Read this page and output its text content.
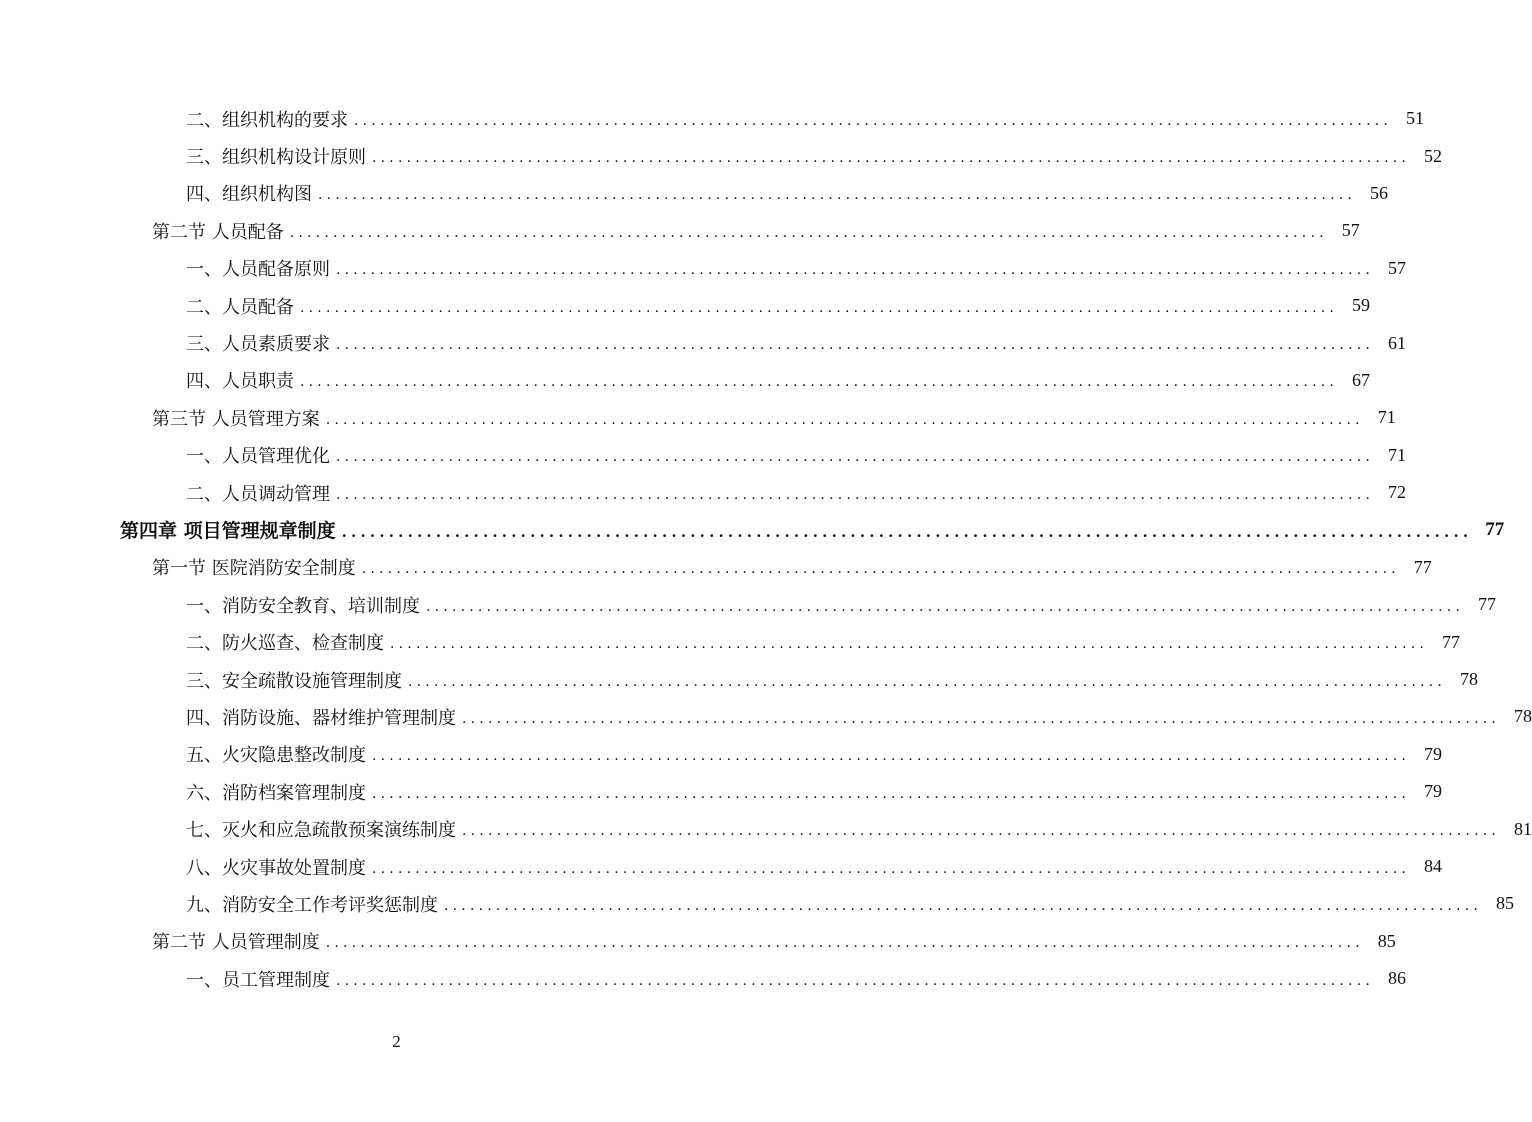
二、组织机构的要求 ........................................................................................................................ 51
三、组织机构设计原则 ........................................................................................................................ 52
四、组织机构图 ........................................................................................................................ 56
第二节 人员配备 ........................................................................................................................ 57
一、人员配备原则 ........................................................................................................................ 57
二、人员配备 ........................................................................................................................ 59
三、人员素质要求 ........................................................................................................................ 61
四、人员职责 ........................................................................................................................ 67
第三节 人员管理方案 ........................................................................................................................ 71
一、人员管理优化 ........................................................................................................................ 71
二、人员调动管理 ........................................................................................................................ 72
第四章 项目管理规章制度 ........................................................................................................................ 77
第一节 医院消防安全制度 ........................................................................................................................ 77
一、消防安全教育、培训制度 ........................................................................................................................ 77
二、防火巡查、检查制度 ........................................................................................................................ 77
三、安全疏散设施管理制度 ........................................................................................................................ 78
四、消防设施、器材维护管理制度 ........................................................................................................................ 78
五、火灾隐患整改制度 ........................................................................................................................ 79
六、消防档案管理制度 ........................................................................................................................ 79
七、灭火和应急疏散预案演练制度 ........................................................................................................................ 81
八、火灾事故处置制度 ........................................................................................................................ 84
九、消防安全工作考评奖惩制度 ........................................................................................................................ 85
第二节 人员管理制度 ........................................................................................................................ 85
一、员工管理制度 ........................................................................................................................ 86
2
